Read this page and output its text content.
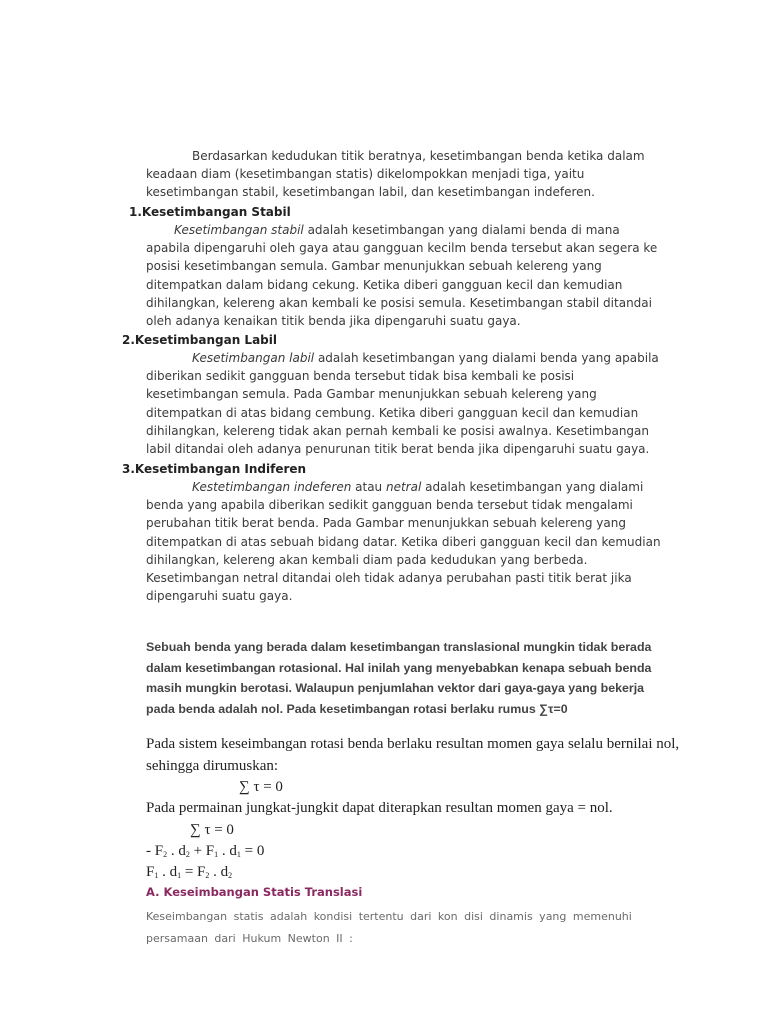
Berdasarkan kedudukan titik beratnya, kesetimbangan benda ketika dalam keadaan diam (kesetimbangan statis) dikelompokkan menjadi tiga, yaitu kesetimbangan stabil, kesetimbangan labil, dan kesetimbangan indeferen.

1.Kesetimbangan Stabil

Kesetimbangan stabil adalah kesetimbangan yang dialami benda di mana apabila dipengaruhi oleh gaya atau gangguan kecilm benda tersebut akan segera ke posisi kesetimbangan semula. Gambar menunjukkan sebuah kelereng yang ditempatkan dalam bidang cekung. Ketika diberi gangguan kecil dan kemudian dihilangkan, kelereng akan kembali ke posisi semula. Kesetimbangan stabil ditandai oleh adanya kenaikan titik benda jika dipengaruhi suatu gaya.

2.Kesetimbangan Labil

Kesetimbangan labil adalah kesetimbangan yang dialami benda yang apabila diberikan sedikit gangguan benda tersebut tidak bisa kembali ke posisi kesetimbangan semula. Pada Gambar menunjukkan sebuah kelereng yang ditempatkan di atas bidang cembung. Ketika diberi gangguan kecil dan kemudian dihilangkan, kelereng tidak akan pernah kembali ke posisi awalnya. Kesetimbangan labil ditandai oleh adanya penurunan titik berat benda jika dipengaruhi suatu gaya.

3.Kesetimbangan Indiferen

Kestetimbangan indeferen atau netral adalah kesetimbangan yang dialami benda yang apabila diberikan sedikit gangguan benda tersebut tidak mengalami perubahan titik berat benda. Pada Gambar menunjukkan sebuah kelereng yang ditempatkan di atas sebuah bidang datar. Ketika diberi gangguan kecil dan kemudian dihilangkan, kelereng akan kembali diam pada kedudukan yang berbeda. Kesetimbangan netral ditandai oleh tidak adanya perubahan pasti titik berat jika dipengaruhi suatu gaya.

Sebuah benda yang berada dalam kesetimbangan translasional mungkin tidak berada dalam kesetimbangan rotasional. Hal inilah yang menyebabkan kenapa sebuah benda masih mungkin berotasi. Walaupun penjumlahan vektor dari gaya-gaya yang bekerja pada benda adalah nol. Pada kesetimbangan rotasi berlaku rumus ∑τ=0

Pada sistem keseimbangan rotasi benda berlaku resultan momen gaya selalu bernilai nol, sehingga dirumuskan:

∑ τ = 0

Pada permainan jungkat-jungkit dapat diterapkan resultan momen gaya = nol.

∑ τ = 0

- $F_2$ . $d_2 + F_1$ . $d_1 = 0$

$F_1$ . $d_1 = F_2$ . $d_2$

A. Keseimbangan Statis Translasi

Keseimbangan statis adalah kondisi tertentu dari kon disi dinamis yang memenuhi persamaan dari Hukum Newton II :
